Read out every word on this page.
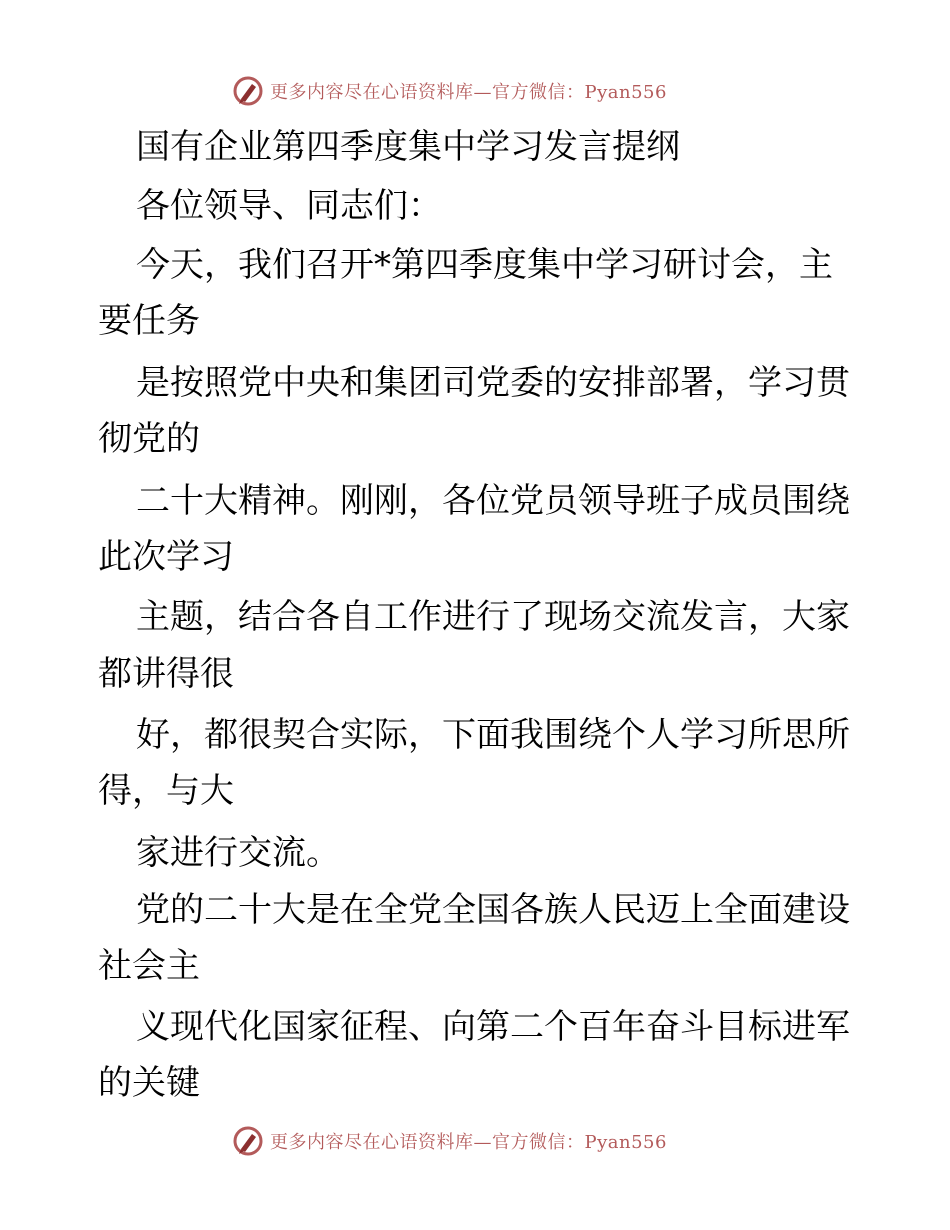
更多内容尽在心语资料库—官方微信：Pyan556
国有企业第四季度集中学习发言提纲
各位领导、同志们：
今天，我们召开*第四季度集中学习研讨会，主
要任务
是按照党中央和集团司党委的安排部署，学习贯
彻党的
二十大精神。刚刚，各位党员领导班子成员围绕
此次学习
主题，结合各自工作进行了现场交流发言，大家
都讲得很
好，都很契合实际，下面我围绕个人学习所思所
得，与大
家进行交流。
党的二十大是在全党全国各族人民迈上全面建设
社会主
义现代化国家征程、向第二个百年奋斗目标进军
的关键
更多内容尽在心语资料库—官方微信：Pyan556
